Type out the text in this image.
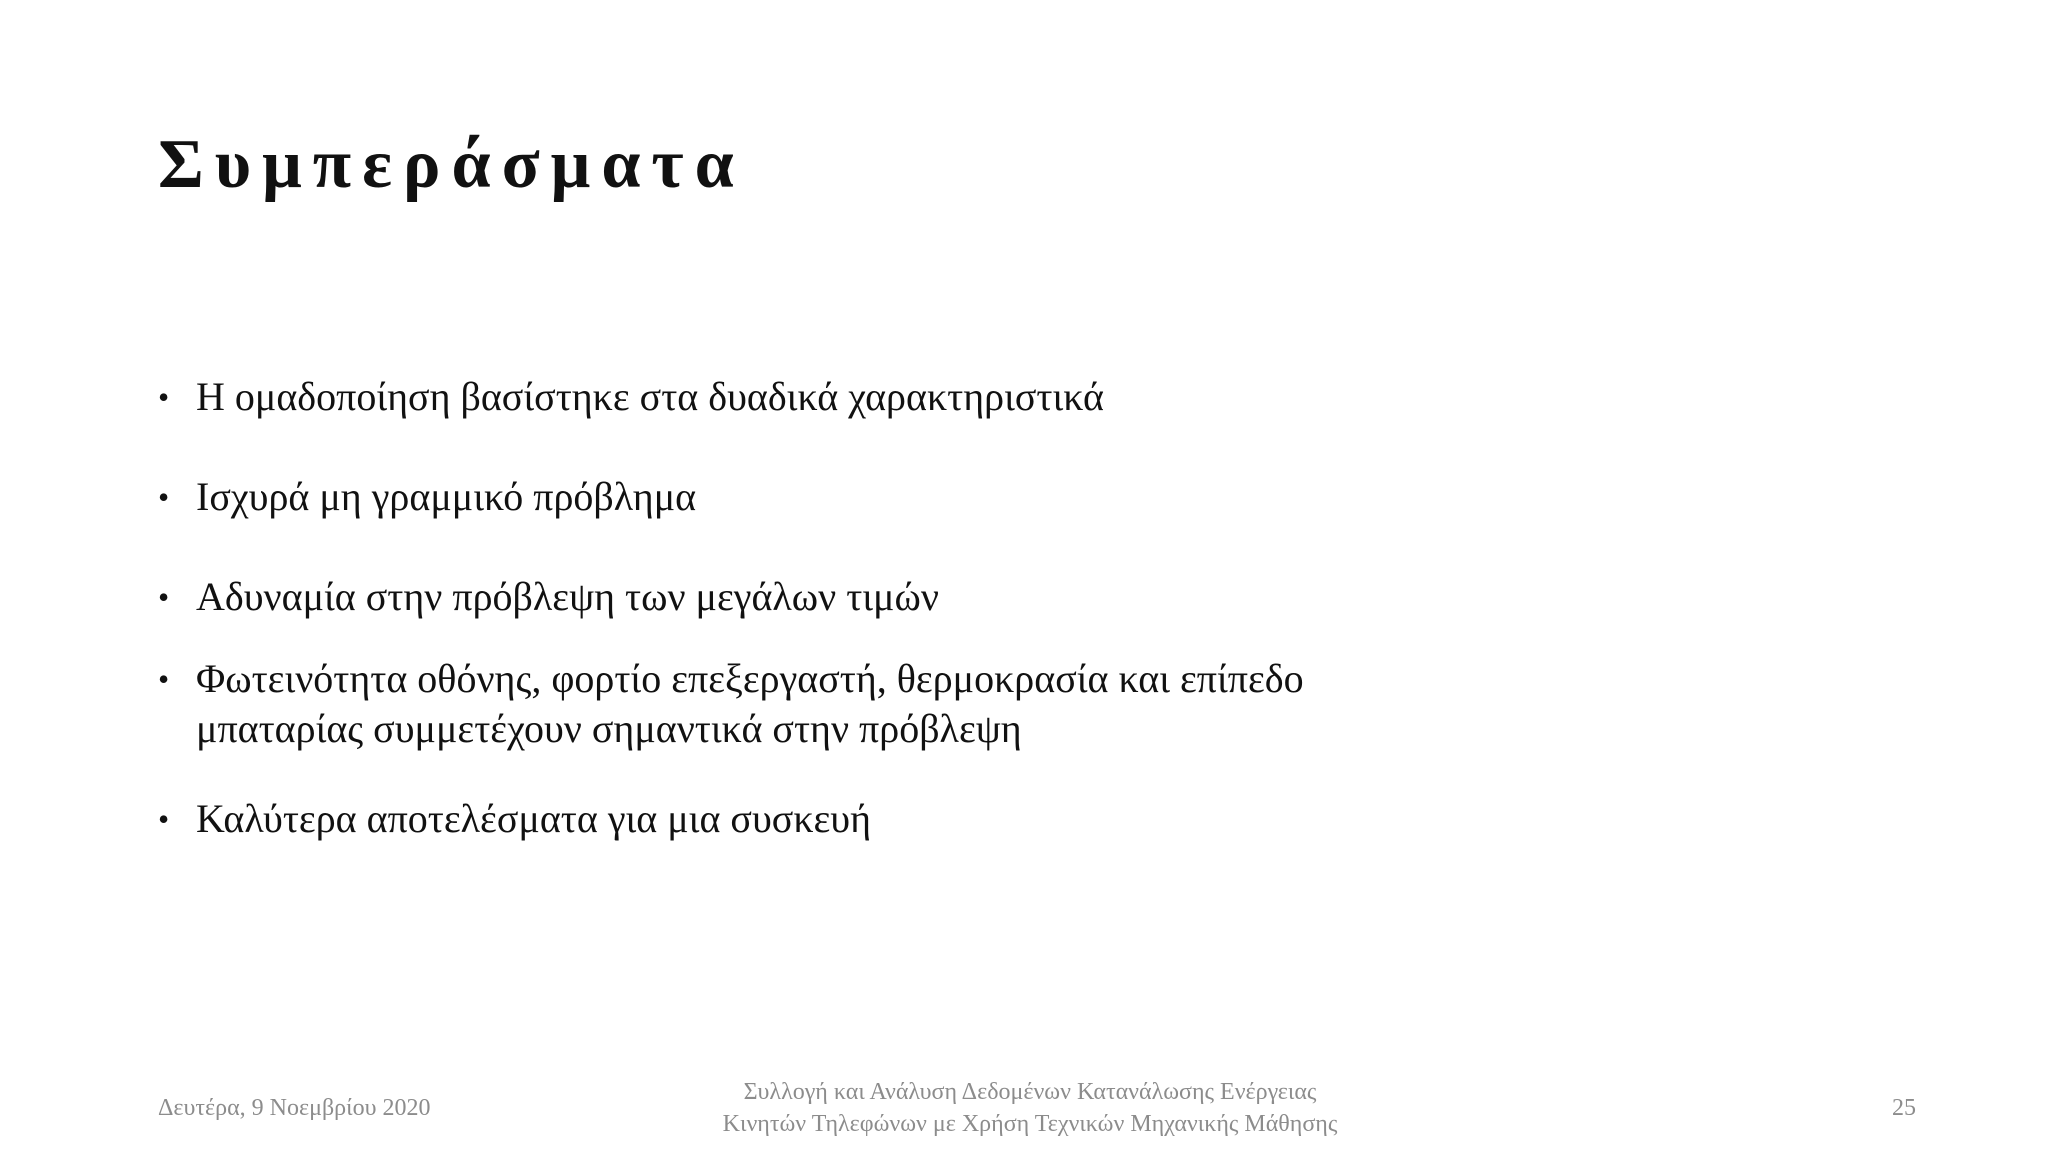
Συμπεράσματα
• Η ομαδοποίηση βασίστηκε στα δυαδικά χαρακτηριστικά
• Ισχυρά μη γραμμικό πρόβλημα
• Αδυναμία στην πρόβλεψη των μεγάλων τιμών
• Φωτεινότητα οθόνης, φορτίο επεξεργαστή, θερμοκρασία και επίπεδο μπαταρίας συμμετέχουν σημαντικά στην πρόβλεψη
• Καλύτερα αποτελέσματα για μια συσκευή
Δευτέρα, 9 Νοεμβρίου 2020
Συλλογή και Ανάλυση Δεδομένων Κατανάλωσης Ενέργειας
Κινητών Τηλεφώνων με Χρήση Τεχνικών Μηχανικής Μάθησης
25
